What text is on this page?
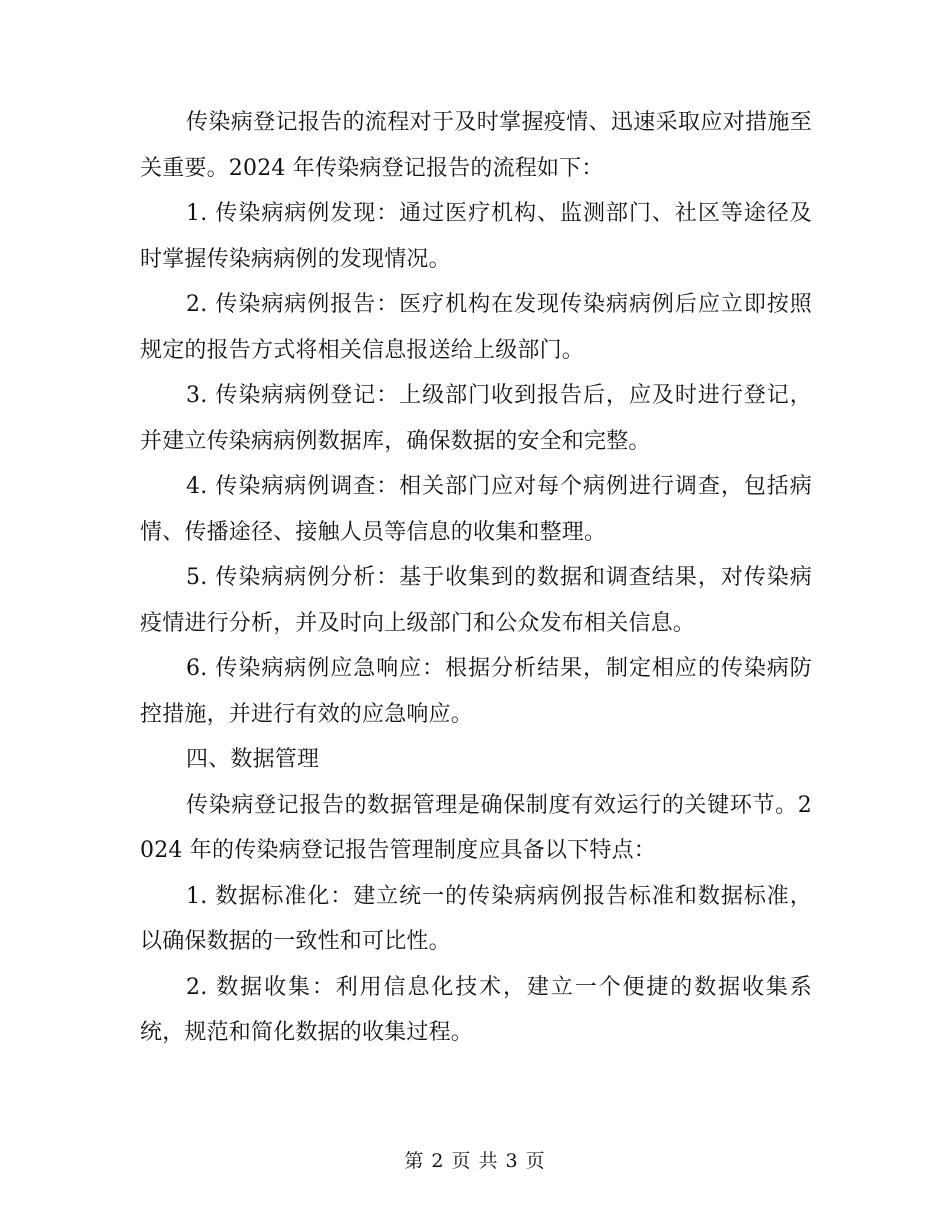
传染病登记报告的流程对于及时掌握疫情、迅速采取应对措施至关重要。2024 年传染病登记报告的流程如下：

1. 传染病病例发现：通过医疗机构、监测部门、社区等途径及时掌握传染病病例的发现情况。

2. 传染病病例报告：医疗机构在发现传染病病例后应立即按照规定的报告方式将相关信息报送给上级部门。

3. 传染病病例登记：上级部门收到报告后，应及时进行登记，并建立传染病病例数据库，确保数据的安全和完整。

4. 传染病病例调查：相关部门应对每个病例进行调查，包括病情、传播途径、接触人员等信息的收集和整理。

5. 传染病病例分析：基于收集到的数据和调查结果，对传染病疫情进行分析，并及时向上级部门和公众发布相关信息。

6. 传染病病例应急响应：根据分析结果，制定相应的传染病防控措施，并进行有效的应急响应。

四、数据管理

传染病登记报告的数据管理是确保制度有效运行的关键环节。2024 年的传染病登记报告管理制度应具备以下特点：

1. 数据标准化：建立统一的传染病病例报告标准和数据标准，以确保数据的一致性和可比性。

2. 数据收集：利用信息化技术，建立一个便捷的数据收集系统，规范和简化数据的收集过程。

第 2 页 共 3 页
